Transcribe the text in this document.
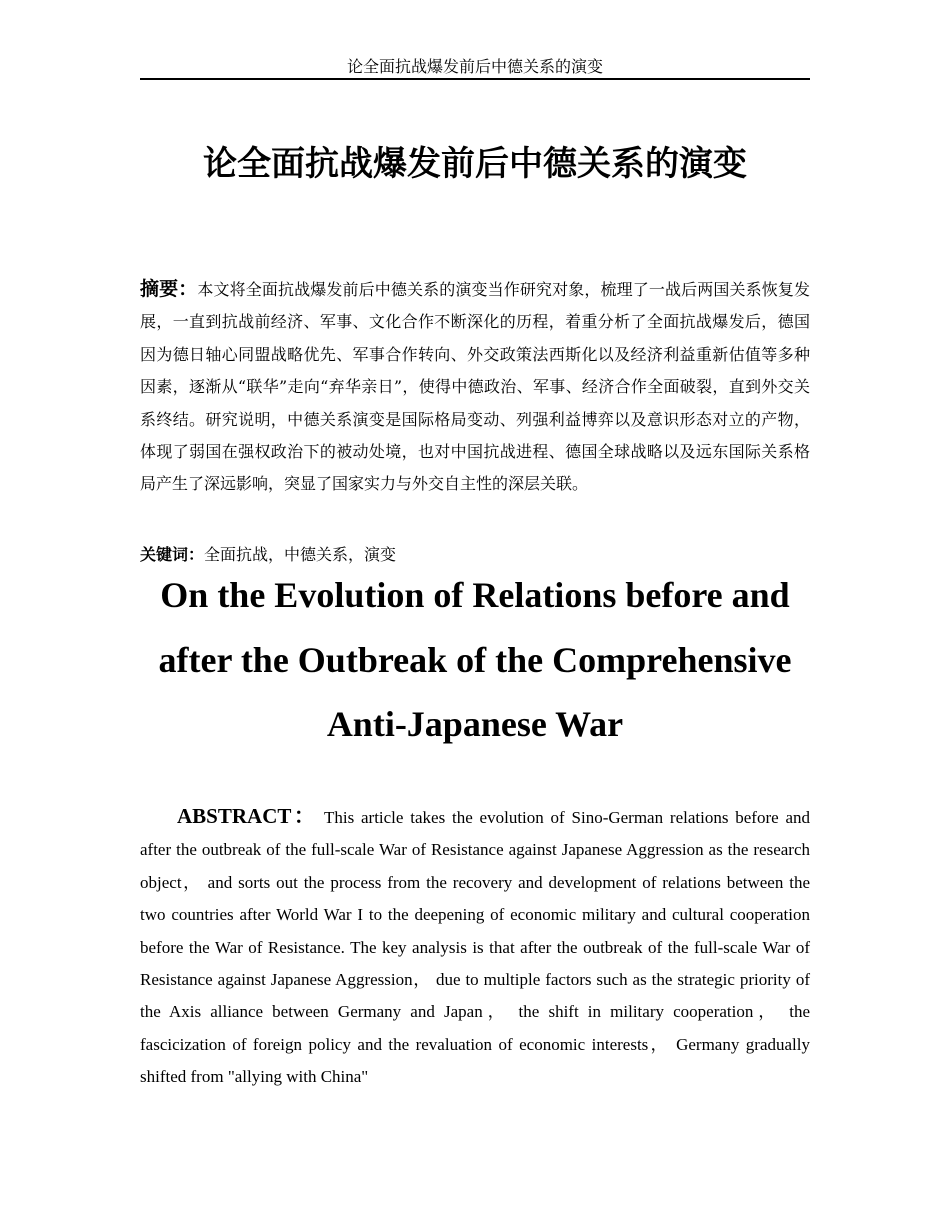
论全面抗战爆发前后中德关系的演变
论全面抗战爆发前后中德关系的演变
摘要：本文将全面抗战爆发前后中德关系的演变当作研究对象，梳理了一战后两国关系恢复发展，一直到抗战前经济、军事、文化合作不断深化的历程，着重分析了全面抗战爆发后，德国因为德日轴心同盟战略优先、军事合作转向、外交政策法西斯化以及经济利益重新估值等多种因素，逐渐从“联华”走向“弃华亲日”，使得中德政治、军事、经济合作全面破裂，直到外交关系终结。研究说明，中德关系演变是国际格局变动、列强利益博弈以及意识形态对立的产物，体现了弱国在强权政治下的被动处境，也对中国抗战进程、德国全球战略以及远东国际关系格局产生了深远影响，突显了国家实力与外交自主性的深层关联。
关键词：全面抗战，中德关系，演变
On the Evolution of Relations before and after the Outbreak of the Comprehensive Anti-Japanese War
ABSTRACT： This article takes the evolution of Sino-German relations before and after the outbreak of the full-scale War of Resistance against Japanese Aggression as the research object， and sorts out the process from the recovery and development of relations between the two countries after World War I to the deepening of economic military and cultural cooperation before the War of Resistance. The key analysis is that after the outbreak of the full-scale War of Resistance against Japanese Aggression， due to multiple factors such as the strategic priority of the Axis alliance between Germany and Japan， the shift in military cooperation， the fascicization of foreign policy and the revaluation of economic interests， Germany gradually shifted from "allying with China"
